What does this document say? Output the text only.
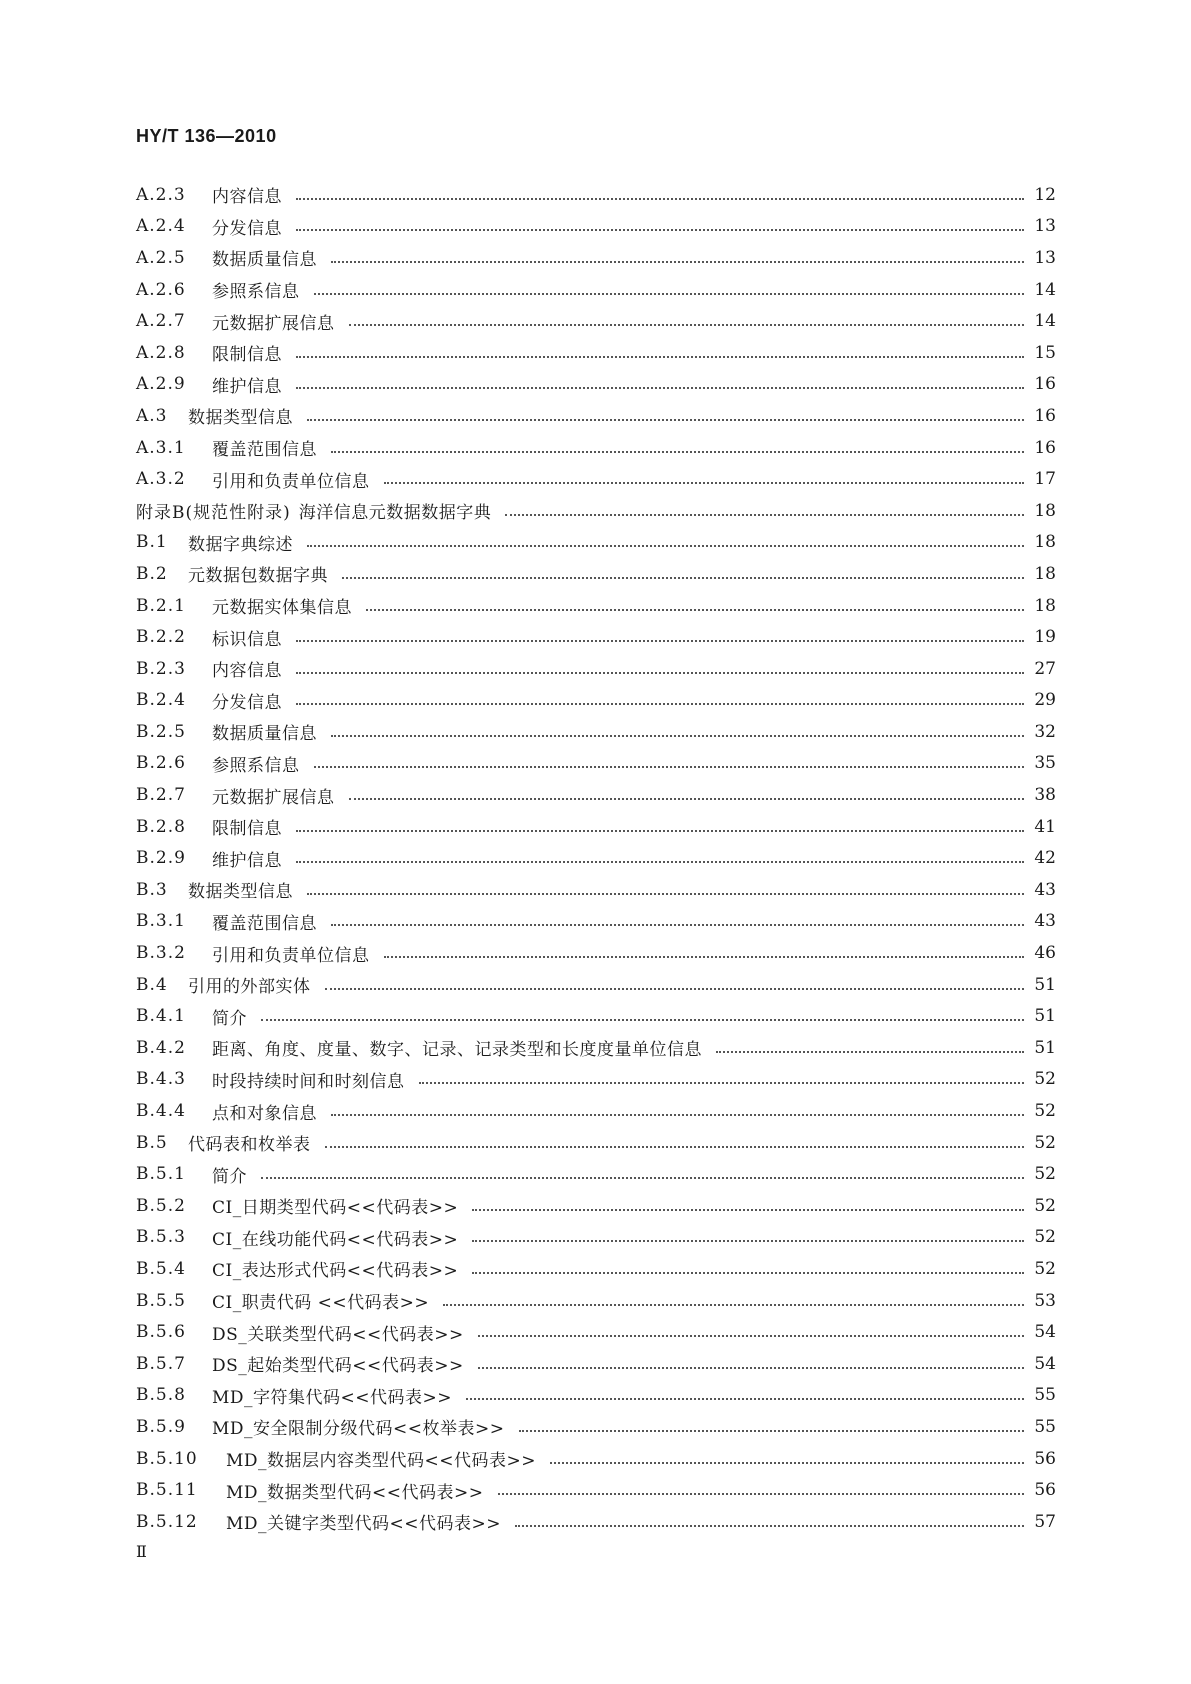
HY/T 136—2010
A.2.3	内容信息	12
A.2.4	分发信息	13
A.2.5	数据质量信息	13
A.2.6	参照系信息	14
A.2.7	元数据扩展信息	14
A.2.8	限制信息	15
A.2.9	维护信息	16
A.3	数据类型信息	16
A.3.1	覆盖范围信息	16
A.3.2	引用和负责单位信息	17
附录B(规范性附录) 海洋信息元数据数据字典	18
B.1	数据字典综述	18
B.2	元数据包数据字典	18
B.2.1	元数据实体集信息	18
B.2.2	标识信息	19
B.2.3	内容信息	27
B.2.4	分发信息	29
B.2.5	数据质量信息	32
B.2.6	参照系信息	35
B.2.7	元数据扩展信息	38
B.2.8	限制信息	41
B.2.9	维护信息	42
B.3	数据类型信息	43
B.3.1	覆盖范围信息	43
B.3.2	引用和负责单位信息	46
B.4	引用的外部实体	51
B.4.1	简介	51
B.4.2	距离、角度、度量、数字、记录、记录类型和长度度量单位信息	51
B.4.3	时段持续时间和时刻信息	52
B.4.4	点和对象信息	52
B.5	代码表和枚举表	52
B.5.1	简介	52
B.5.2	CI_日期类型代码<<代码表>>	52
B.5.3	CI_在线功能代码<<代码表>>	52
B.5.4	CI_表达形式代码<<代码表>>	52
B.5.5	CI_职责代码 <<代码表>>	53
B.5.6	DS_关联类型代码<<代码表>>	54
B.5.7	DS_起始类型代码<<代码表>>	54
B.5.8	MD_字符集代码<<代码表>>	55
B.5.9	MD_安全限制分级代码<<枚举表>>	55
B.5.10	MD_数据层内容类型代码<<代码表>>	56
B.5.11	MD_数据类型代码<<代码表>>	56
B.5.12	MD_关键字类型代码<<代码表>>	57
Ⅱ
